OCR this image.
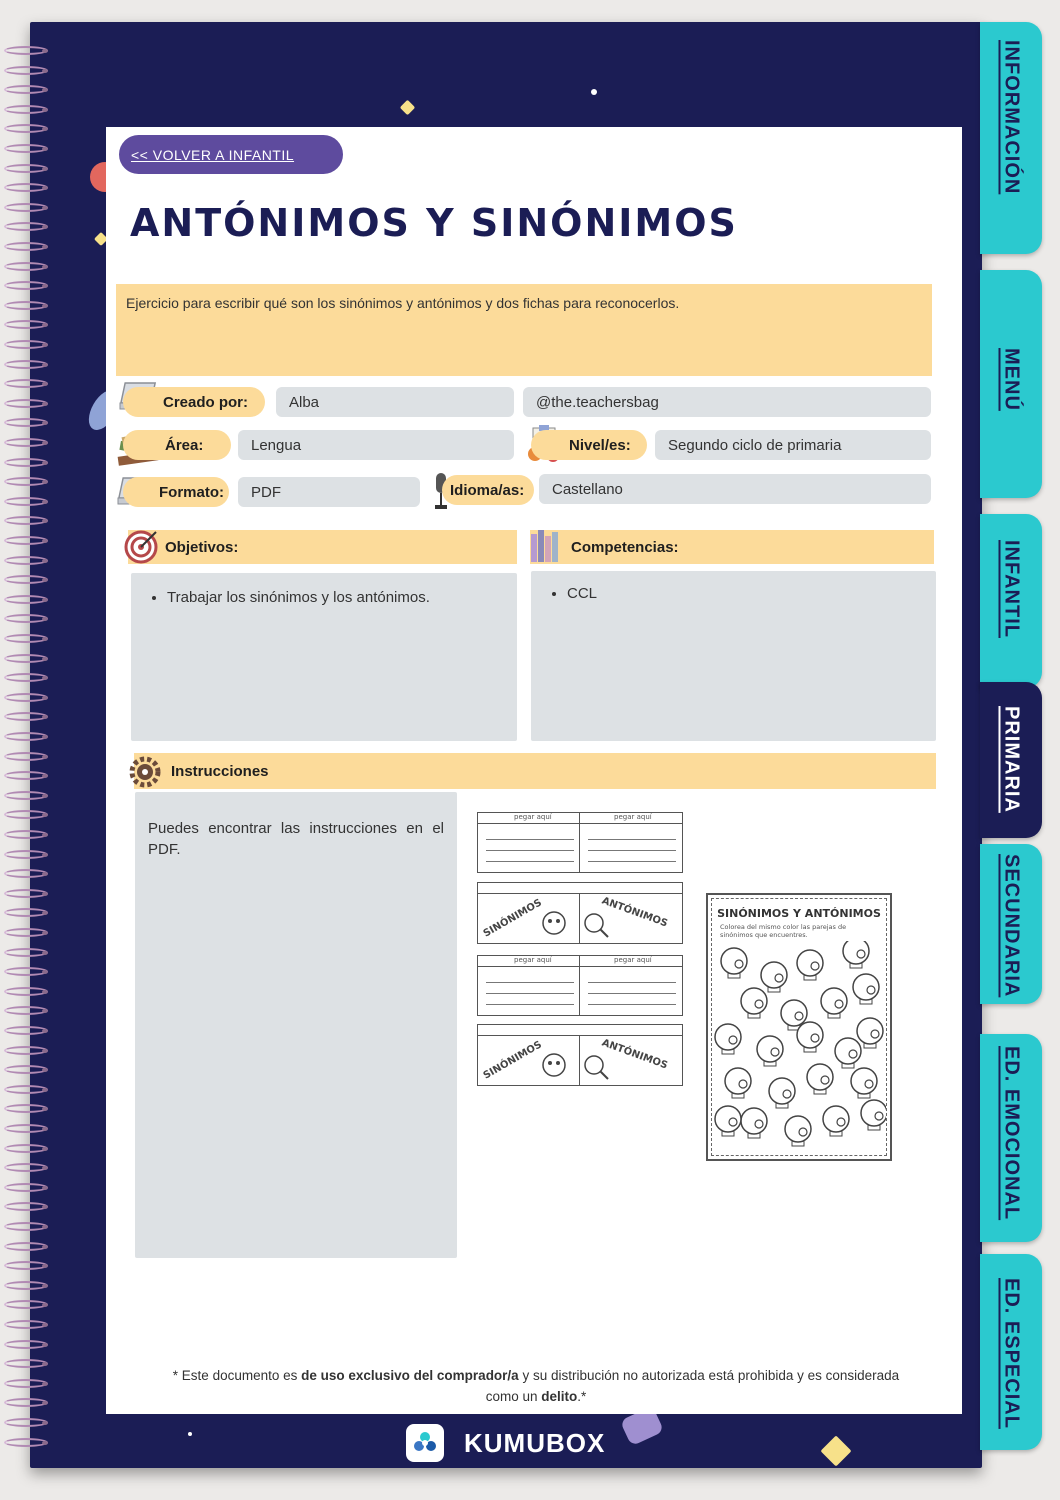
INFORMACIÓN
MENÚ
INFANTIL
PRIMARIA
SECUNDARIA
ED. EMOCIONAL
ED. ESPECIAL
<< VOLVER A INFANTIL
ANTÓNIMOS Y SINÓNIMOS
Ejercicio para escribir qué son los sinónimos y antónimos y dos fichas para reconocerlos.
Creado por:	Alba	@the.teachersbag
Área:	Lengua	Nivel/es:	Segundo ciclo de primaria
Formato:	PDF	Idioma/as:	Castellano
Objetivos:	Competencias:
• Trabajar los sinónimos y los antónimos.
•	CCL
Instrucciones
Puedes encontrar las instrucciones en el PDF.
pegar aquí	pegar aquí
SINÓNIMOS	ANTÓNIMOS
pegar aquí	pegar aquí
SINÓNIMOS	ANTÓNIMOS
SINÓNIMOS Y ANTÓNIMOS
Colorea del mismo color las parejas de sinónimos que encuentres.
* Este documento es de uso exclusivo del comprador/a y su distribución no autorizada está prohibida y es considerada como un delito.*
KUMUBOX
